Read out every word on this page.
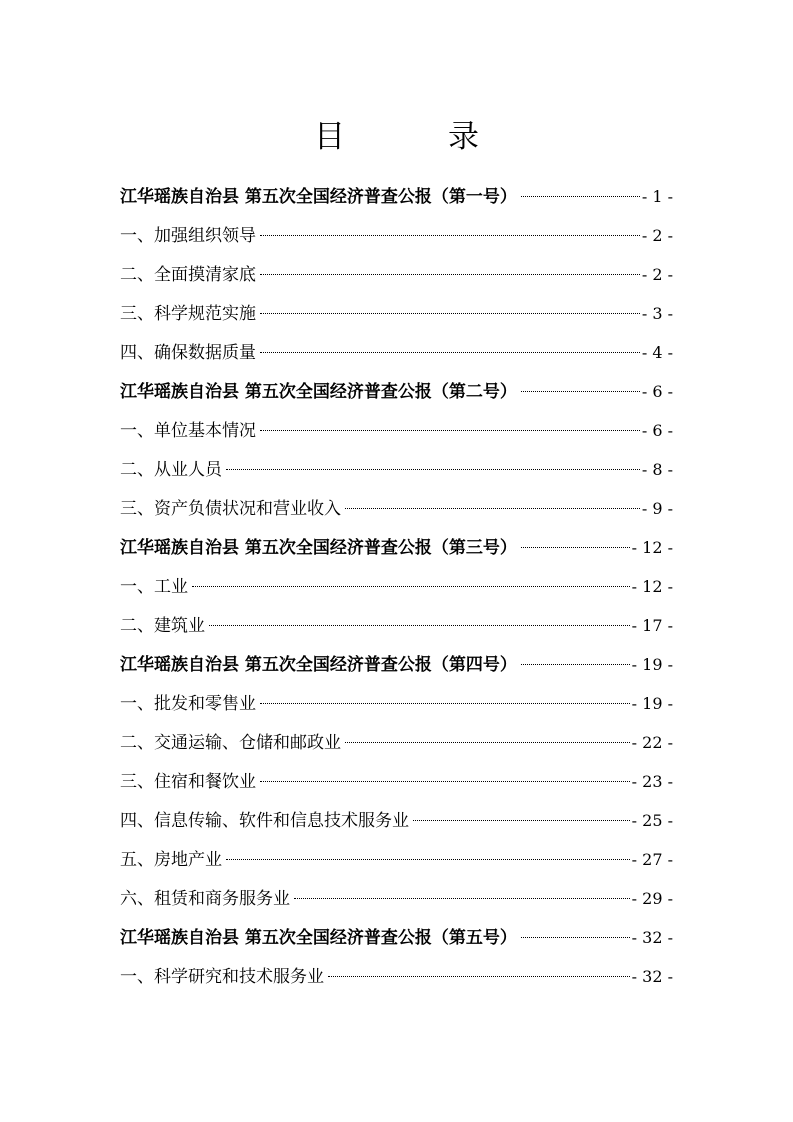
目　录
江华瑶族自治县 第五次全国经济普查公报（第一号）	- 1 -
一、加强组织领导	- 2 -
二、全面摸清家底	- 2 -
三、科学规范实施	- 3 -
四、确保数据质量	- 4 -
江华瑶族自治县 第五次全国经济普查公报（第二号）	- 6 -
一、单位基本情况	- 6 -
二、从业人员	- 8 -
三、资产负债状况和营业收入	- 9 -
江华瑶族自治县 第五次全国经济普查公报（第三号）	- 12 -
一、工业	- 12 -
二、建筑业	- 17 -
江华瑶族自治县 第五次全国经济普查公报（第四号）	- 19 -
一、批发和零售业	- 19 -
二、交通运输、仓储和邮政业	- 22 -
三、住宿和餐饮业	- 23 -
四、信息传输、软件和信息技术服务业	- 25 -
五、房地产业	- 27 -
六、租赁和商务服务业	- 29 -
江华瑶族自治县 第五次全国经济普查公报（第五号）	- 32 -
一、科学研究和技术服务业	- 32 -
